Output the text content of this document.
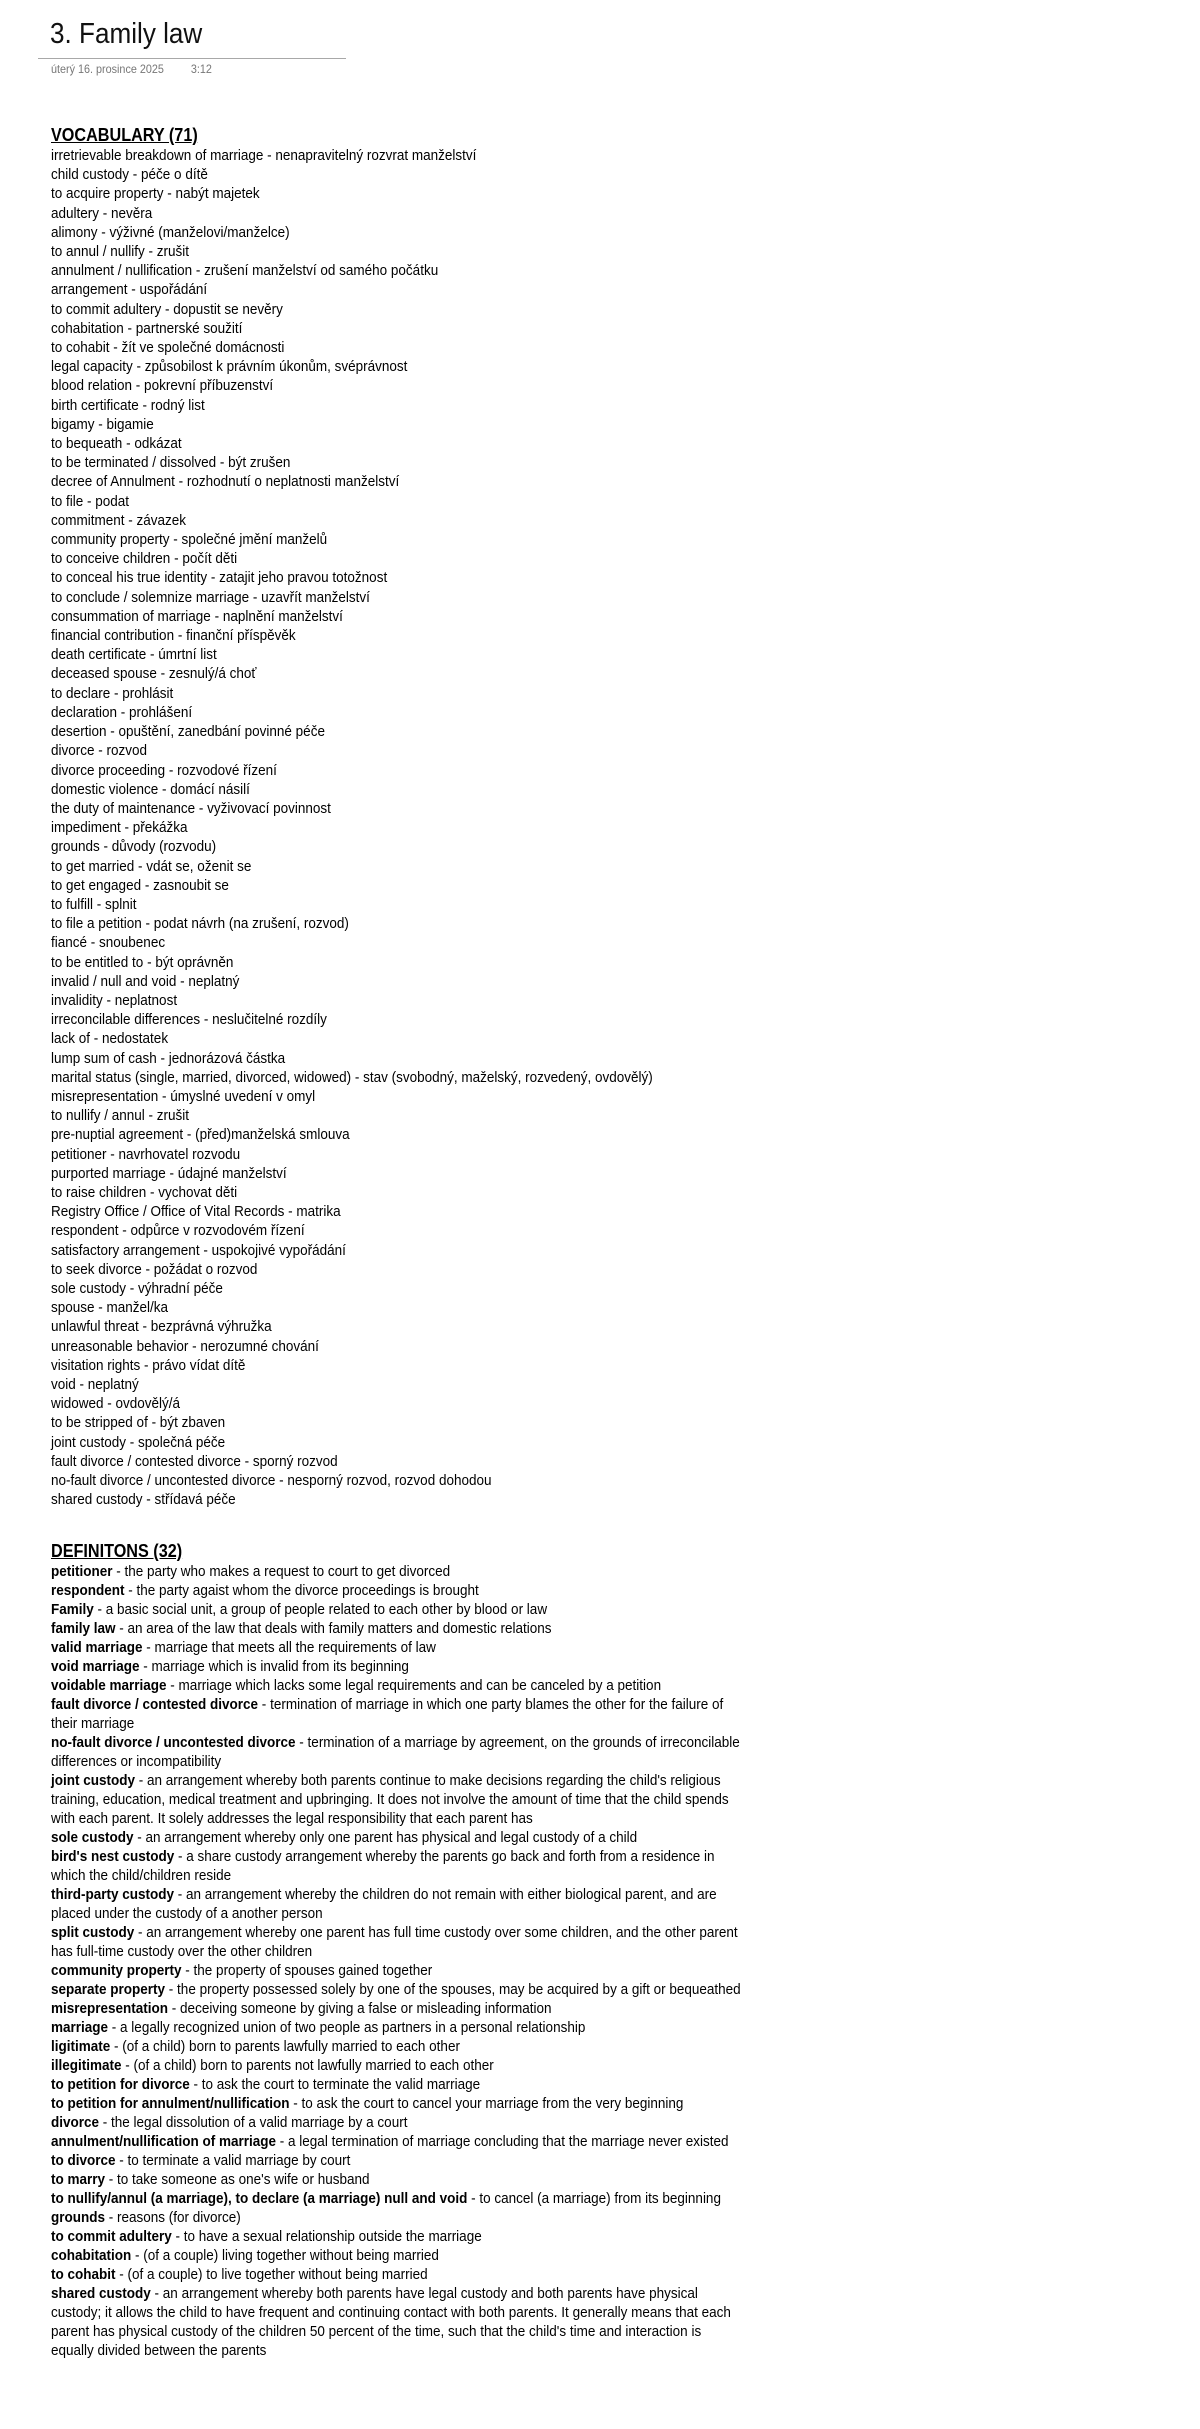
3. Family law
úterý 16. prosince 2025 3:12
VOCABULARY (71)
irretrievable breakdown of marriage - nenapravitelný rozvrat manželství
child custody - péče o dítě
to acquire property - nabýt majetek
adultery - nevěra
alimony - výživné (manželovi/manželce)
to annul / nullify - zrušit
annulment / nullification - zrušení manželství od samého počátku
arrangement - uspořádání
to commit adultery - dopustit se nevěry
cohabitation - partnerské soužití
to cohabit - žít ve společné domácnosti
legal capacity - způsobilost k právním úkonům, svéprávnost
blood relation - pokrevní příbuzenství
birth certificate - rodný list
bigamy - bigamie
to bequeath - odkázat
to be terminated / dissolved - být zrušen
decree of Annulment - rozhodnutí o neplatnosti manželství
to file - podat
commitment - závazek
community property - společné jmění manželů
to conceive children - počít děti
to conceal his true identity - zatajit jeho pravou totožnost
to conclude / solemnize marriage - uzavřít manželství
consummation of marriage - naplnění manželství
financial contribution - finanční příspěvěk
death certificate - úmrtní list
deceased spouse - zesnulý/á choť
to declare - prohlásit
declaration - prohlášení
desertion - opuštění, zanedbání povinné péče
divorce - rozvod
divorce proceeding - rozvodové řízení
domestic violence - domácí násilí
the duty of maintenance - vyživovací povinnost
impediment - překážka
grounds - důvody (rozvodu)
to get married - vdát se, oženit se
to get engaged - zasnoubit se
to fulfill - splnit
to file a petition - podat návrh (na zrušení, rozvod)
fiancé - snoubenec
to be entitled to - být oprávněn
invalid / null and void - neplatný
invalidity - neplatnost
irreconcilable differences - neslučitelné rozdíly
lack of - nedostatek
lump sum of cash - jednorázová částka
marital status (single, married, divorced, widowed) - stav (svobodný, maželský, rozvedený, ovdovělý)
misrepresentation - úmyslné uvedení v omyl
to nullify / annul - zrušit
pre-nuptial agreement - (před)manželská smlouva
petitioner - navrhovatel rozvodu
purported marriage - údajné manželství
to raise children - vychovat děti
Registry Office / Office of Vital Records - matrika
respondent - odpůrce v rozvodovém řízení
satisfactory arrangement - uspokojivé vypořádání
to seek divorce - požádat o rozvod
sole custody - výhradní péče
spouse - manžel/ka
unlawful threat - bezprávná výhružka
unreasonable behavior - nerozumné chování
visitation rights - právo vídat dítě
void - neplatný
widowed - ovdovělý/á
to be stripped of - být zbaven
joint custody - společná péče
fault divorce / contested divorce - sporný rozvod
no-fault divorce / uncontested divorce - nesporný rozvod, rozvod dohodou
shared custody - střídavá péče
DEFINITONS (32)
petitioner - the party who makes a request to court to get divorced
respondent - the party agaist whom the divorce proceedings is brought
Family - a basic social unit, a group of people related to each other by blood or law
family law - an area of the law that deals with family matters and domestic relations
valid marriage - marriage that meets all the requirements of law
void marriage - marriage which is invalid from its beginning
voidable marriage - marriage which lacks some legal requirements and can be canceled by a petition
fault divorce / contested divorce - termination of marriage in which one party blames the other for the failure of their marriage
no-fault divorce / uncontested divorce - termination of a marriage by agreement, on the grounds of irreconcilable differences or incompatibility
joint custody - an arrangement whereby both parents continue to make decisions regarding the child's religious training, education, medical treatment and upbringing. It does not involve the amount of time that the child spends with each parent. It solely addresses the legal responsibility that each parent has
sole custody - an arrangement whereby only one parent has physical and legal custody of a child
bird's nest custody - a share custody arrangement whereby the parents go back and forth from a residence in which the child/children reside
third-party custody - an arrangement whereby the children do not remain with either biological parent, and are placed under the custody of a another person
split custody - an arrangement whereby one parent has full time custody over some children, and the other parent has full-time custody over the other children
community property - the property of spouses gained together
separate property - the property possessed solely by one of the spouses, may be acquired by a gift or bequeathed
misrepresentation - deceiving someone by giving a false or misleading information
marriage - a legally recognized union of two people as partners in a personal relationship
ligitimate - (of a child) born to parents lawfully married to each other
illegitimate - (of a child) born to parents not lawfully married to each other
to petition for divorce - to ask the court to terminate the valid marriage
to petition for annulment/nullification - to ask the court to cancel your marriage from the very beginning
divorce - the legal dissolution of a valid marriage by a court
annulment/nullification of marriage - a legal termination of marriage concluding that the marriage never existed
to divorce - to terminate a valid marriage by court
to marry - to take someone as one's wife or husband
to nullify/annul (a marriage), to declare (a marriage) null and void - to cancel (a marriage) from its beginning
grounds - reasons (for divorce)
to commit adultery - to have a sexual relationship outside the marriage
cohabitation - (of a couple) living together without being married
to cohabit - (of a couple) to live together without being married
shared custody - an arrangement whereby both parents have legal custody and both parents have physical custody; it allows the child to have frequent and continuing contact with both parents. It generally means that each parent has physical custody of the children 50 percent of the time, such that the child's time and interaction is equally divided between the parents
